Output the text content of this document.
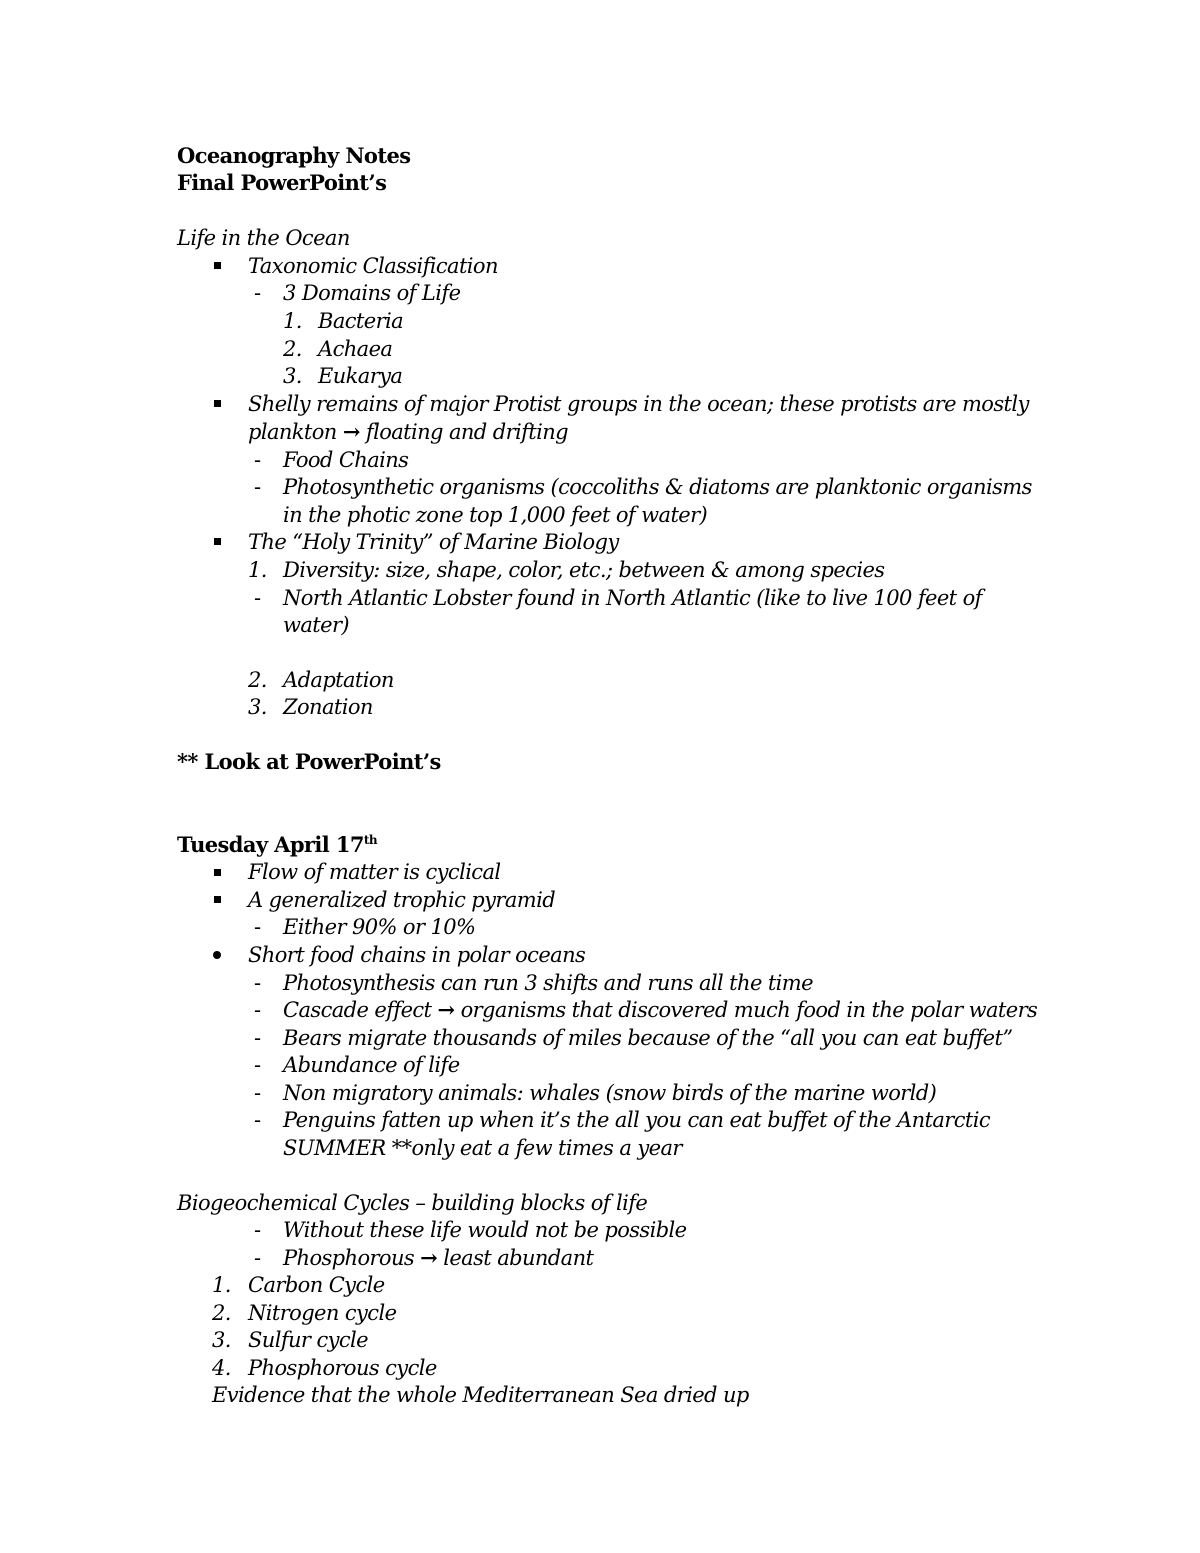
Oceanography Notes
Final PowerPoint’s
Life in the Ocean
Taxonomic Classification
- 3 Domains of Life
1. Bacteria
2. Achaea
3. Eukarya
Shelly remains of major Protist groups in the ocean; these protists are mostly
plankton → floating and drifting
- Food Chains
- Photosynthetic organisms (coccoliths & diatoms are planktonic organisms
in the photic zone top 1,000 feet of water)
The “Holy Trinity” of Marine Biology
1. Diversity: size, shape, color, etc.; between & among species
- North Atlantic Lobster found in North Atlantic (like to live 100 feet of
water)
2. Adaptation
3. Zonation
** Look at PowerPoint’s
Tuesday April 17th
Flow of matter is cyclical
A generalized trophic pyramid
- Either 90% or 10%
Short food chains in polar oceans
- Photosynthesis can run 3 shifts and runs all the time
- Cascade effect → organisms that discovered much food in the polar waters
- Bears migrate thousands of miles because of the “all you can eat buffet”
- Abundance of life
- Non migratory animals: whales (snow birds of the marine world)
- Penguins fatten up when it’s the all you can eat buffet of the Antarctic
SUMMER **only eat a few times a year
Biogeochemical Cycles – building blocks of life
- Without these life would not be possible
- Phosphorous → least abundant
1. Carbon Cycle
2. Nitrogen cycle
3. Sulfur cycle
4. Phosphorous cycle
Evidence that the whole Mediterranean Sea dried up
